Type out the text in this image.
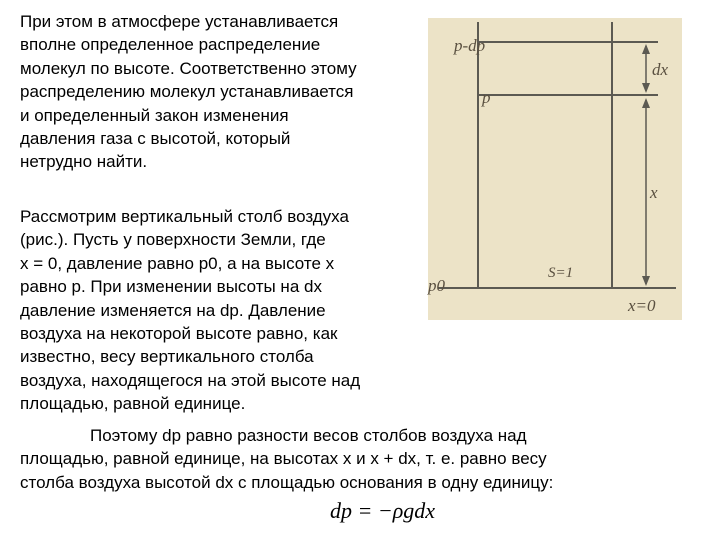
При этом в атмосфере устанавливается
вполне определенное распределение
молекул по высоте. Соответственно этому
распределению молекул устанавливается
и определенный закон изменения
давления газа с высотой, который
нетрудно найти.

Рассмотрим вертикальный столб воздуха
(рис.). Пусть у поверхности Земли, где
x = 0, давление равно p0, а на высоте x
равно p. При изменении высоты на dx
давление изменяется на dp. Давление
воздуха на некоторой высоте равно, как
известно, весу вертикального столба
воздуха, находящегося на этой высоте над
площадью, равной единице.

Поэтому dp равно разности весов столбов воздуха над
площадью, равной единице, на высотах x и x + dx, т. е. равно весу
столба воздуха высотой dx с площадью основания в одну единицу:

p-dp
p
p0
S=1
dx
x
x=0
dp = −ρgdx
